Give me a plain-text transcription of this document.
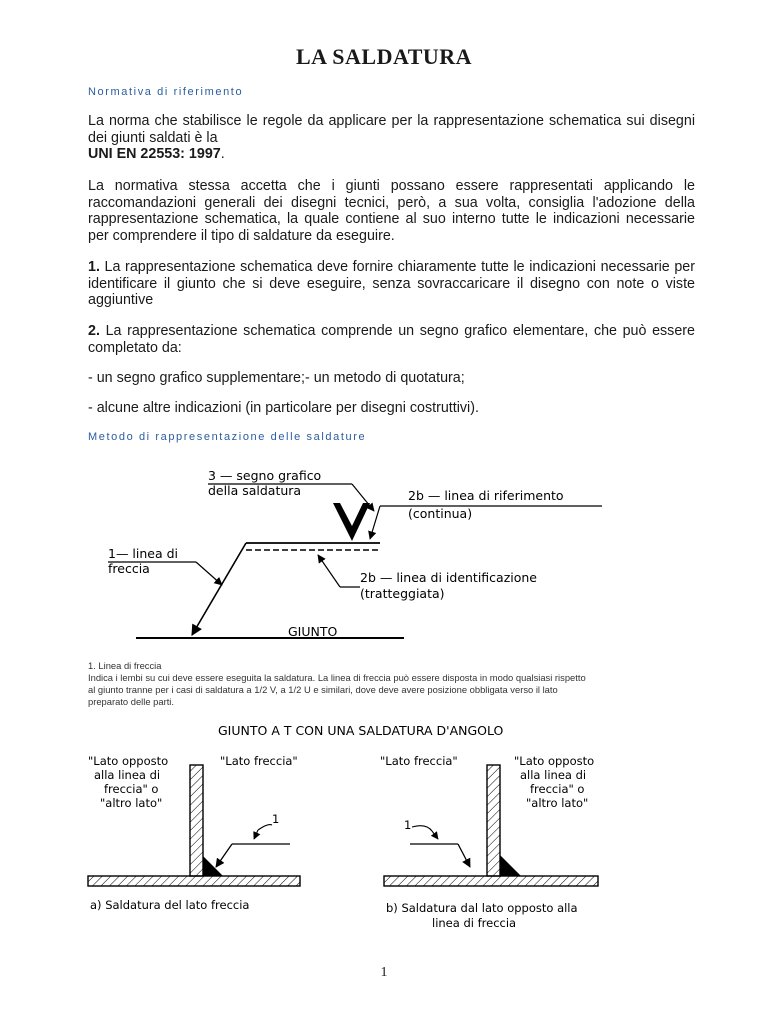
LA SALDATURA
Normativa di riferimento
La norma che stabilisce le regole da applicare per la rappresentazione schematica sui disegni dei giunti saldati è la
UNI EN 22553: 1997.
La normativa stessa accetta che i giunti possano essere rappresentati applicando le raccomandazioni generali dei disegni tecnici, però, a sua volta, consiglia l'adozione della rappresentazione schematica, la quale contiene al suo interno tutte le indicazioni necessarie per comprendere il tipo di saldature da eseguire.
1. La rappresentazione schematica deve fornire chiaramente tutte le indicazioni necessarie per identificare il giunto che si deve eseguire, senza sovraccaricare il disegno con note o viste aggiuntive
2. La rappresentazione schematica comprende un segno grafico elementare, che può essere completato da:
- un segno grafico supplementare;- un metodo di quotatura;
- alcune altre indicazioni (in particolare per disegni costruttivi).
Metodo di rappresentazione delle saldature
3 — segno grafico
della saldatura	2b — linea di riferimento
(continua)
1— linea di
freccia
2b — linea di identificazione
(tratteggiata)
GIUNTO
1. Linea di freccia
Indica i lembi su cui deve essere eseguita la saldatura. La linea di freccia può essere disposta in modo qualsiasi rispetto
al giunto tranne per i casi di saldatura a 1/2 V, a 1/2 U e similari, dove deve avere posizione obbligata verso il lato
preparato delle parti.
GIUNTO A T CON UNA SALDATURA D'ANGOLO
"Lato opposto
alla linea di
freccia" o
"altro lato"
"Lato freccia"
1
a) Saldatura del lato freccia
"Lato freccia"	"Lato opposto
alla linea di
freccia" o
"altro lato"
1
b) Saldatura dal lato opposto alla
linea di freccia
1
